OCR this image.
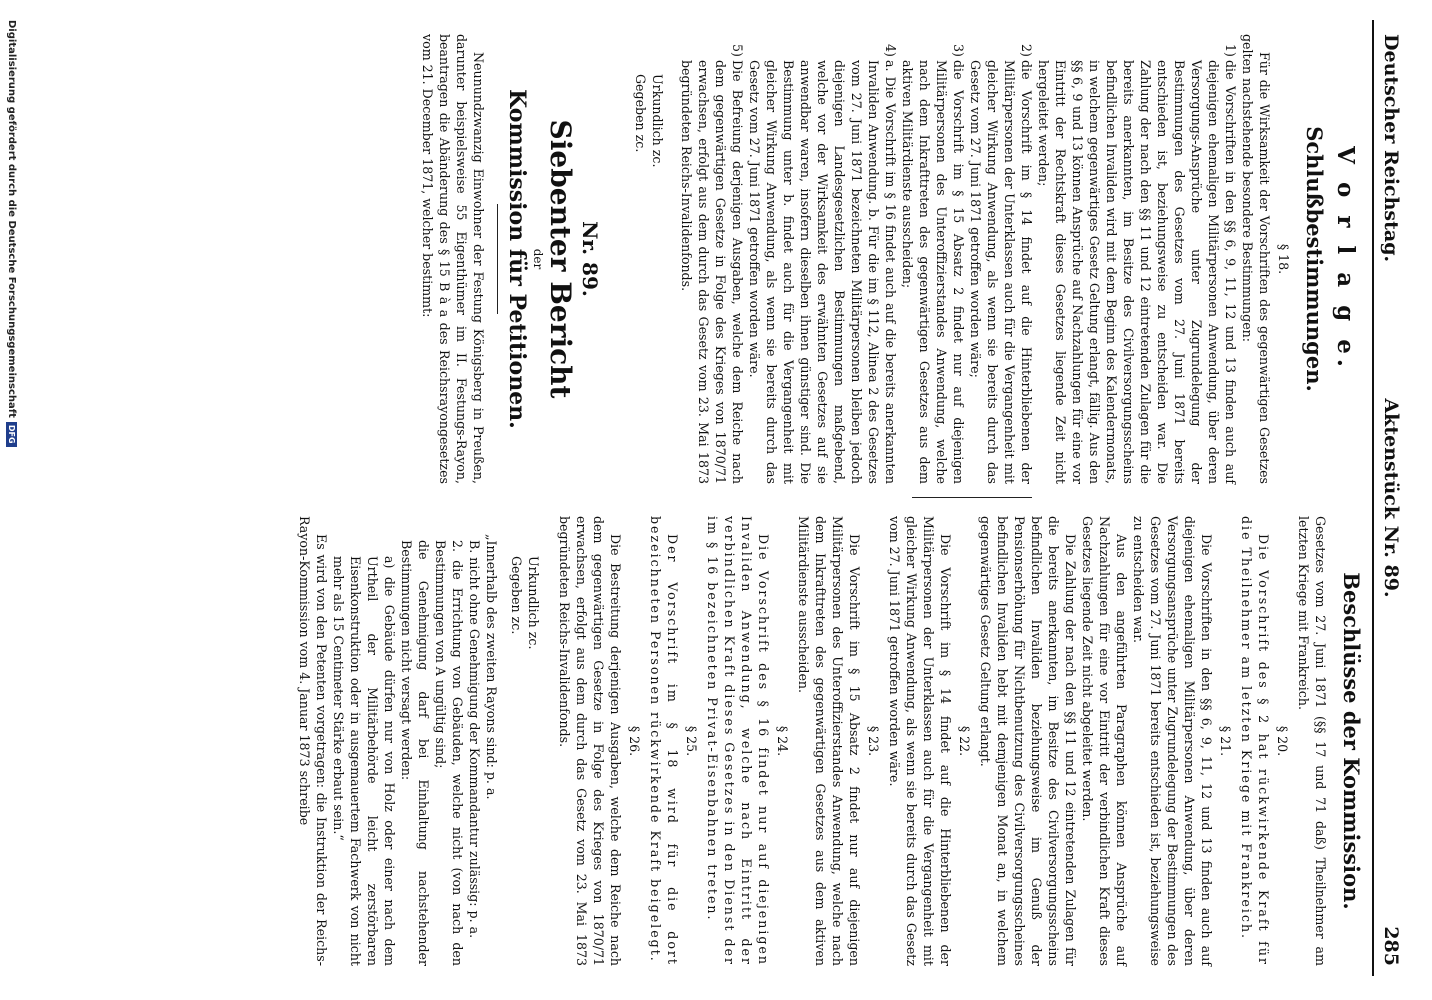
Deutscher Reichstag.
Aktenstück Nr. 89.
285
V o r l a g e.
Schlußbestimmungen.
§ 18.

Für die Wirksamkeit der Vorschriften des gegenwärtigen Gesetzes gelten nachstehende besondere Bestimmungen:

1)die Vorschriften in den §§ 6, 9, 11, 12 und 13 finden auch auf diejenigen ehemaligen Militärpersonen Anwendung, über deren Versorgungs-Ansprüche unter Zugrundelegung der Bestimmungen des Gesetzes vom 27. Juni 1871 bereits entschieden ist, beziehungsweise zu entscheiden war. Die Zahlung der nach den §§ 11 und 12 eintretenden Zulagen für die bereits anerkannten, im Besitze des Civilversorgungsscheins befindlichen Invaliden wird mit dem Beginn des Kalendermonats, in welchem gegenwärtiges Gesetz Geltung erlangt, fällig. Aus den §§ 6, 9 und 13 können Ansprüche auf Nachzahlungen für eine vor Eintritt der Rechtskraft dieses Gesetzes liegende Zeit nicht hergeleitet werden;
2)die Vorschrift im § 14 findet auf die Hinterbliebenen der Militärpersonen der Unterklassen auch für die Vergangenheit mit gleicher Wirkung Anwendung, als wenn sie bereits durch das Gesetz vom 27. Juni 1871 getroffen worden wäre;
3)die Vorschrift im § 15 Absatz 2 findet nur auf diejenigen Militärpersonen des Unteroffizierstandes Anwendung, welche nach dem Inkrafttreten des gegenwärtigen Gesetzes aus dem aktiven Militärdienste ausscheiden;
4)a. Die Vorschrift im § 16 findet auch auf die bereits anerkannten Invaliden Anwendung. b. Für die im § 112, Alinea 2 des Gesetzes vom 27. Juni 1871 bezeichneten Militärpersonen bleiben jedoch diejenigen Landesgesetzlichen Bestimmungen maßgebend, welche vor der Wirksamkeit des erwähnten Gesetzes auf sie anwendbar waren, insofern dieselben ihnen günstiger sind. Die Bestimmung unter b. findet auch für die Vergangenheit mit gleicher Wirkung Anwendung, als wenn sie bereits durch das Gesetz vom 27. Juni 1871 getroffen worden wäre.
5)Die Befreiung derjenigen Ausgaben, welche dem Reiche nach dem gegenwärtigen Gesetze in Folge des Krieges von 1870/71 erwachsen, erfolgt aus dem durch das Gesetz vom 23. Mai 1873 begründeten Reichs-Invalidenfonds.
Urkundlich zc.
Gegeben zc.
Nr. 89.
Siebenter Bericht
der
Kommission für Petitionen.

Neunundzwanzig Einwohner der Festung Königsberg in Preußen, darunter beispielsweise 55 Eigenthümer im II. Festungs-Rayon, beantragen die Abänderung des § 15 B à a des Reichsrayongesetzes vom 21. December 1871, welcher bestimmt:

Beschlüsse der Kommission.

Gesetzes vom 27. Juni 1871 (§§ 17 und 71 daß) Theilnehmer am letzten Kriege mit Frankreich.

§ 20.

Die Vorschrift des § 2 hat rückwirkende Kraft für die Theilnehmer am letzten Kriege mit Frankreich.

§ 21.

Die Vorschriften in den §§ 6, 9, 11, 12 und 13 finden auch auf diejenigen ehemaligen Militärpersonen Anwendung, über deren Versorgungsansprüche unter Zugrundelegung der Bestimmungen des Gesetzes vom 27. Juni 1871 bereits entschieden ist, beziehungsweise zu entscheiden war.

Aus den angeführten Paragraphen können Ansprüche auf Nachzahlungen für eine vor Eintritt der verbindlichen Kraft dieses Gesetzes liegende Zeit nicht abgeleitet werden.

Die Zahlung der nach den §§ 11 und 12 eintretenden Zulagen für die bereits anerkannten, im Besitze des Civilversorgungsscheins befindlichen Invaliden beziehungsweise im Genuß der Pensionserhöhung für Nichtbenutzung des Civilversorgungsscheines befindlichen Invaliden hebt mit demjenigen Monat an, in welchem gegenwärtiges Gesetz Geltung erlangt.

§ 22.

Die Vorschrift im § 14 findet auf die Hinterbliebenen der Militärpersonen der Unterklassen auch für die Vergangenheit mit gleicher Wirkung Anwendung, als wenn sie bereits durch das Gesetz vom 27. Juni 1871 getroffen worden wäre.

§ 23.

Die Vorschrift im § 15 Absatz 2 findet nur auf diejenigen Militärpersonen des Unteroffizierstandes Anwendung, welche nach dem Inkrafttreten des gegenwärtigen Gesetzes aus dem aktiven Militärdienste ausscheiden.

§ 24.

Die Vorschrift des § 16 findet nur auf diejenigen Invaliden Anwendung, welche nach Eintritt der verbindlichen Kraft dieses Gesetzes in den Dienst der im § 16 bezeichneten Privat-Eisenbahnen treten.

§ 25.

Der Vorschrift im § 18 wird für die dort bezeichneten Personen rückwirkende Kraft beigelegt.

§ 26.

Die Bestreitung derjenigen Ausgaben, welche dem Reiche nach dem gegenwärtigen Gesetze in Folge des Krieges von 1870/71 erwachsen, erfolgt aus dem durch das Gesetz vom 23. Mai 1873 begründeten Reichs-Invalidenfonds.

Urkundlich zc.
Gegeben zc.

„Innerhalb des zweiten Rayons sind: p. a.

B. nicht ohne Genehmigung der Kommandantur zulässig: p. a.
2. die Errichtung von Gebäuden, welche nicht (von nach den Bestimmungen von A ungültig sind;
die Genehmigung darf bei Einhaltung nachstehender Bestimmungen nicht versagt werden:
a) die Gebäude dürfen nur von Holz oder einer nach dem Urtheil der Militärbehörde leicht zerstörbaren Eisenkonstruktion oder in ausgemauertem Fachwerk von nicht mehr als 15 Centimeter Stärke erbaut sein.“

Es wird von den Petenten vorgetragen: die Instruktion der Reichs-Rayon-Kommission vom 4. Januar 1873 schreibe

Digitalisierung gefördert durch die Deutsche Forschungsgemeinschaft
DFG
